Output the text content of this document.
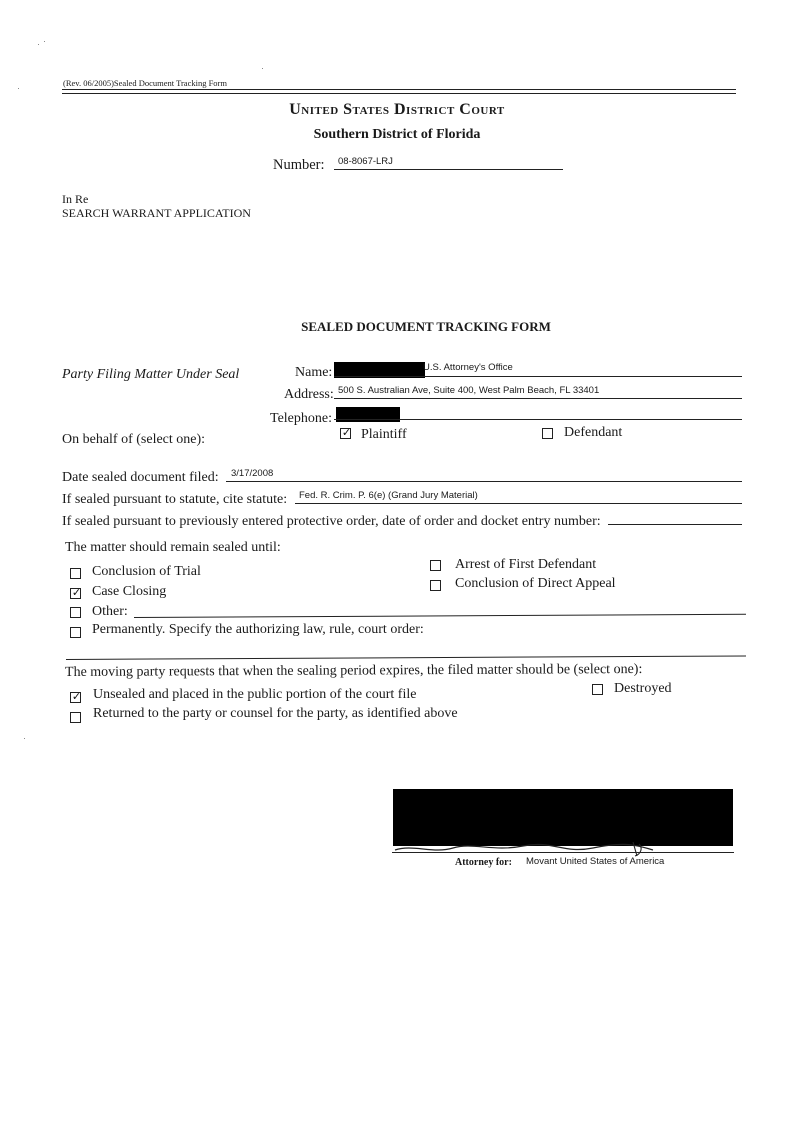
(Rev. 06/2005)Sealed Document Tracking Form
United States District Court
Southern District of Florida
Number: 08-8067-LRJ
In Re
SEARCH WARRANT APPLICATION
SEALED DOCUMENT TRACKING FORM
Party Filing Matter Under Seal	Name:	U.S. Attorney's Office
Address: 500 S. Australian Ave, Suite 400, West Palm Beach, FL 33401
Telephone:
On behalf of (select one):	✓ Plaintiff	Defendant
Date sealed document filed: 3/17/2008
If sealed pursuant to statute, cite statute: Fed. R. Crim. P. 6(e) (Grand Jury Material)
If sealed pursuant to previously entered protective order, date of order and docket entry number:
The matter should remain sealed until:
Conclusion of Trial	Arrest of First Defendant
✓ Case Closing
Conclusion of Direct Appeal
Other:
Permanently. Specify the authorizing law, rule, court order:
The moving party requests that when the sealing period expires, the filed matter should be (select one):
✓ Unsealed and placed in the public portion of the court file	Destroyed
Returned to the party or counsel for the party, as identified above
Attorney for: Movant United States of America
